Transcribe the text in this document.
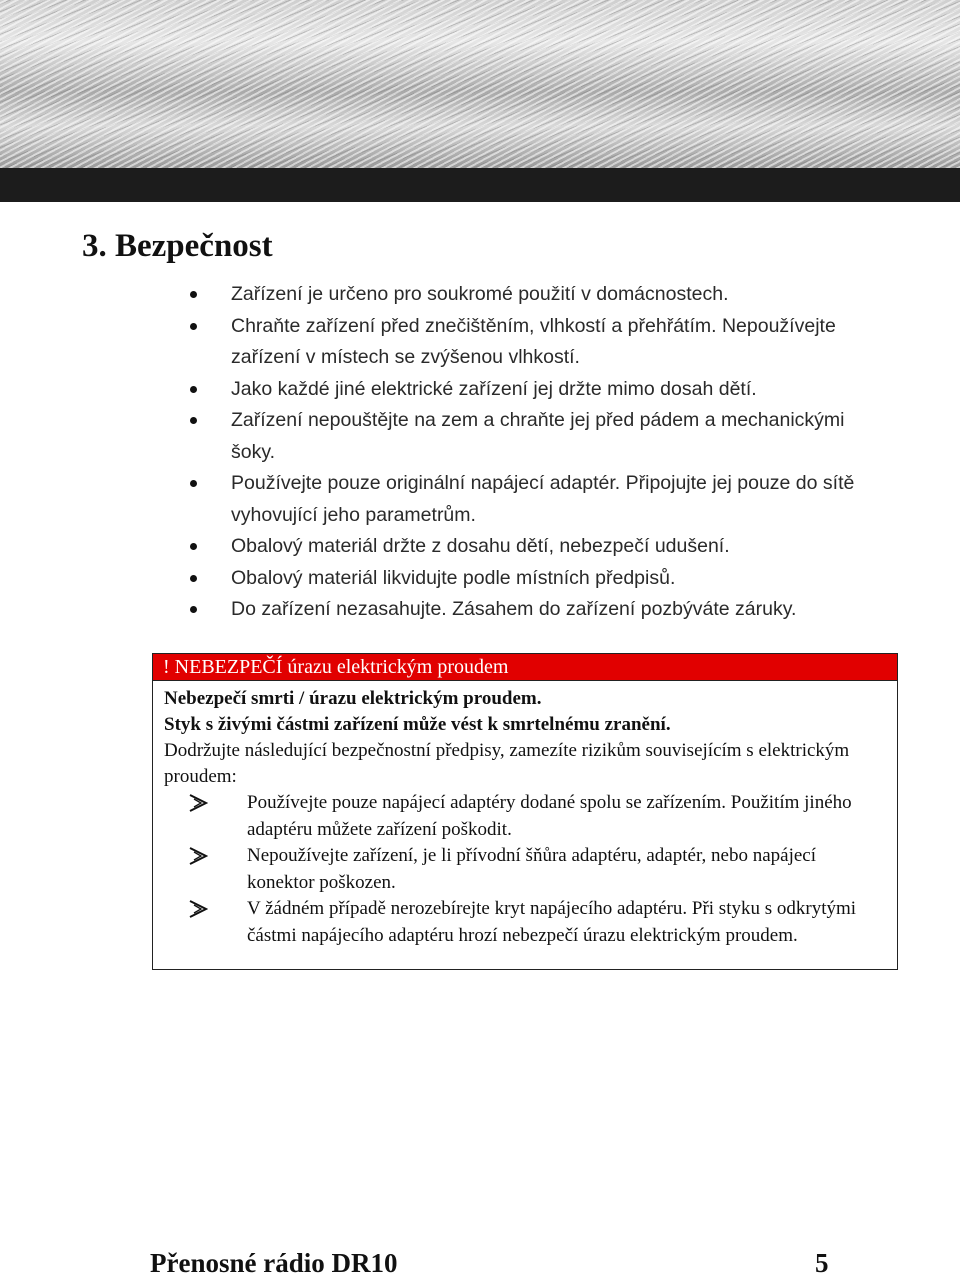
3. Bezpečnost
Zařízení je určeno pro soukromé použití v domácnostech.
Chraňte zařízení před znečištěním, vlhkostí a přehřátím. Nepoužívejte zařízení v místech se zvýšenou vlhkostí.
Jako každé jiné elektrické zařízení jej držte mimo dosah dětí.
Zařízení nepouštějte na zem a chraňte jej před pádem a mechanickými šoky.
Používejte pouze originální napájecí adaptér. Připojujte jej pouze do sítě vyhovující jeho parametrům.
Obalový materiál držte z dosahu dětí, nebezpečí udušení.
Obalový materiál likvidujte podle místních předpisů.
Do zařízení nezasahujte. Zásahem do zařízení pozbýváte záruky.
! NEBEZPEČÍ úrazu elektrickým proudem
Nebezpečí smrti / úrazu elektrickým proudem.
Styk s živými částmi zařízení může vést k smrtelnému zranění.
Dodržujte následující bezpečnostní předpisy, zamezíte rizikům souvisejícím s elektrickým proudem:
Používejte pouze napájecí adaptéry dodané spolu se zařízením. Použitím jiného adaptéru můžete zařízení poškodit.
Nepoužívejte zařízení, je li přívodní šňůra adaptéru, adaptér, nebo napájecí konektor poškozen.
V žádném případě nerozebírejte kryt napájecího adaptéru. Při styku s odkrytými částmi napájecího adaptéru hrozí nebezpečí úrazu elektrickým proudem.
Přenosné rádio DR10	5
